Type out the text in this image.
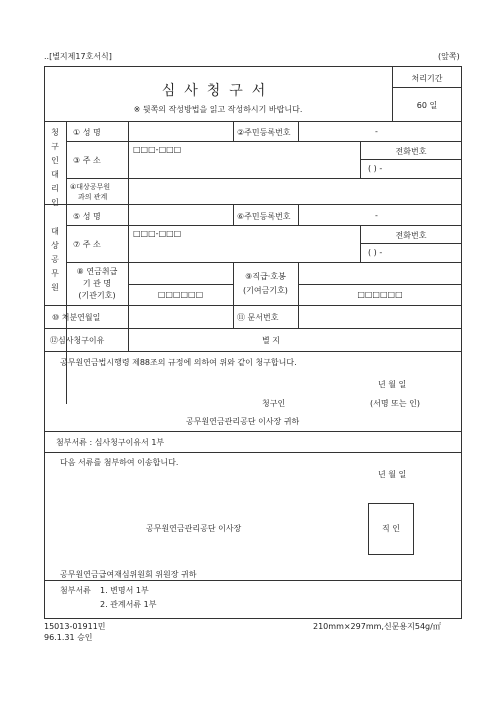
..[별지제17호서식]	(앞쪽)
심사청구서
※ 뒷쪽의 작성방법을 읽고 작성하시기 바랍니다.
처리기간
60 일
청구인대리인
① 성 명	②주민등록번호	-
③ 주 소
□□□-□□□	전화번호
( ) -
④대상공무원
과의 관계
대상공무원
⑤ 성 명	⑥주민등록번호	-
⑦ 주 소
□□□-□□□	전화번호
( ) -
⑧ 연금취급
기 관 명
(기관기호)	□□□□□□
⑨직급·호봉
(기여금기호)	□□□□□□
⑩ 처분연월일	⑪ 문서번호
⑫심사청구이유	별 지
공무원연금법시행령 제88조의 규정에 의하여 위와 같이 청구합니다.
년 월 일
청구인	(서명 또는 인)
공무원연금관리공단 이사장 귀하
첨부서류 : 심사청구이유서 1부
다음 서류를 첨부하여 이송합니다.
년 월 일
공무원연금관리공단 이사장	직 인
공무원연금급여재심위원회 위원장 귀하
첨부서류 1. 변명서 1부
2. 관계서류 1부
15013-01911민
96.1.31 승인
210mm×297mm,신문용지54g/㎡
